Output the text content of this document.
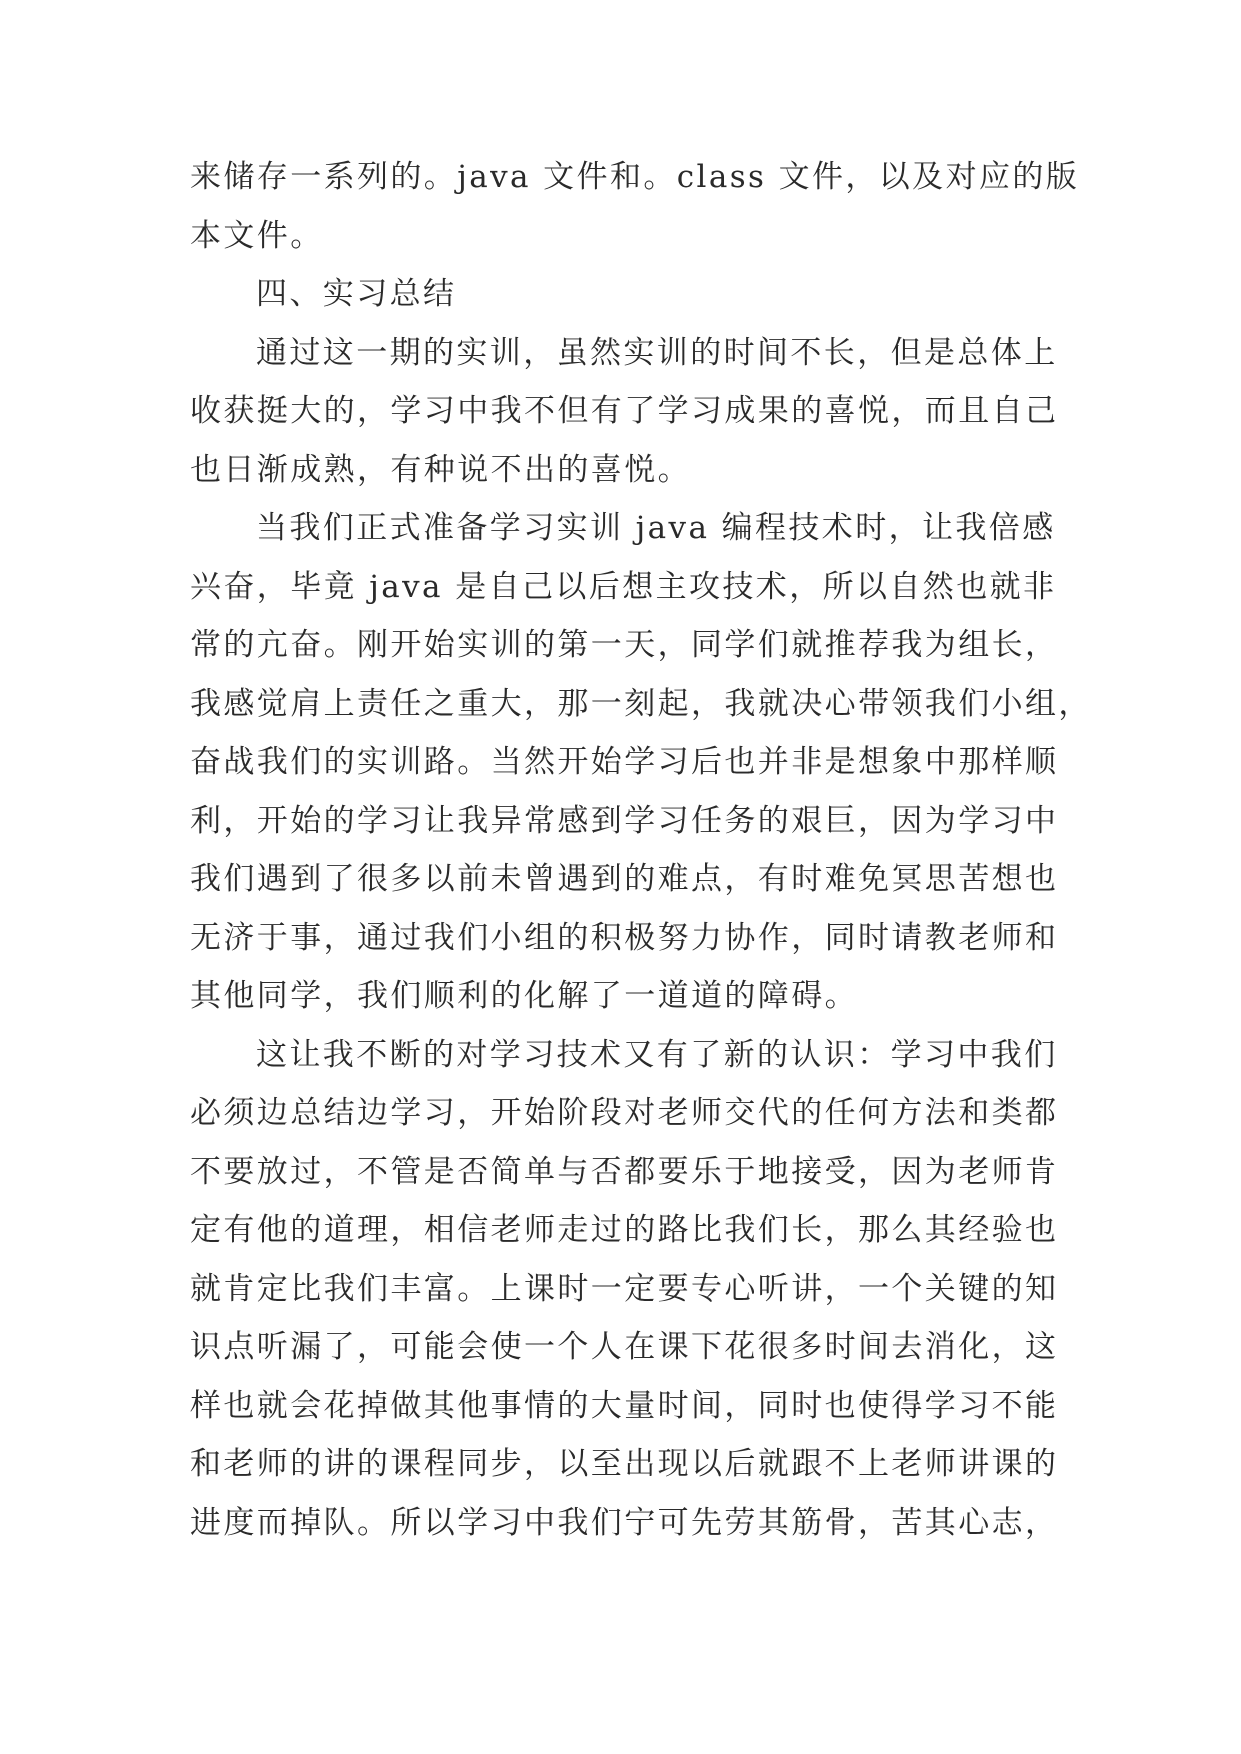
来储存一系列的。java 文件和。class 文件，以及对应的版
本文件。
四、实习总结
通过这一期的实训，虽然实训的时间不长，但是总体上
收获挺大的，学习中我不但有了学习成果的喜悦，而且自己
也日渐成熟，有种说不出的喜悦。
当我们正式准备学习实训 java 编程技术时，让我倍感
兴奋，毕竟 java 是自己以后想主攻技术，所以自然也就非
常的亢奋。刚开始实训的第一天，同学们就推荐我为组长，
我感觉肩上责任之重大，那一刻起，我就决心带领我们小组，
奋战我们的实训路。当然开始学习后也并非是想象中那样顺
利，开始的学习让我异常感到学习任务的艰巨，因为学习中
我们遇到了很多以前未曾遇到的难点，有时难免冥思苦想也
无济于事，通过我们小组的积极努力协作，同时请教老师和
其他同学，我们顺利的化解了一道道的障碍。
这让我不断的对学习技术又有了新的认识：学习中我们
必须边总结边学习，开始阶段对老师交代的任何方法和类都
不要放过，不管是否简单与否都要乐于地接受，因为老师肯
定有他的道理，相信老师走过的路比我们长，那么其经验也
就肯定比我们丰富。上课时一定要专心听讲，一个关键的知
识点听漏了，可能会使一个人在课下花很多时间去消化，这
样也就会花掉做其他事情的大量时间，同时也使得学习不能
和老师的讲的课程同步，以至出现以后就跟不上老师讲课的
进度而掉队。所以学习中我们宁可先劳其筋骨，苦其心志，
